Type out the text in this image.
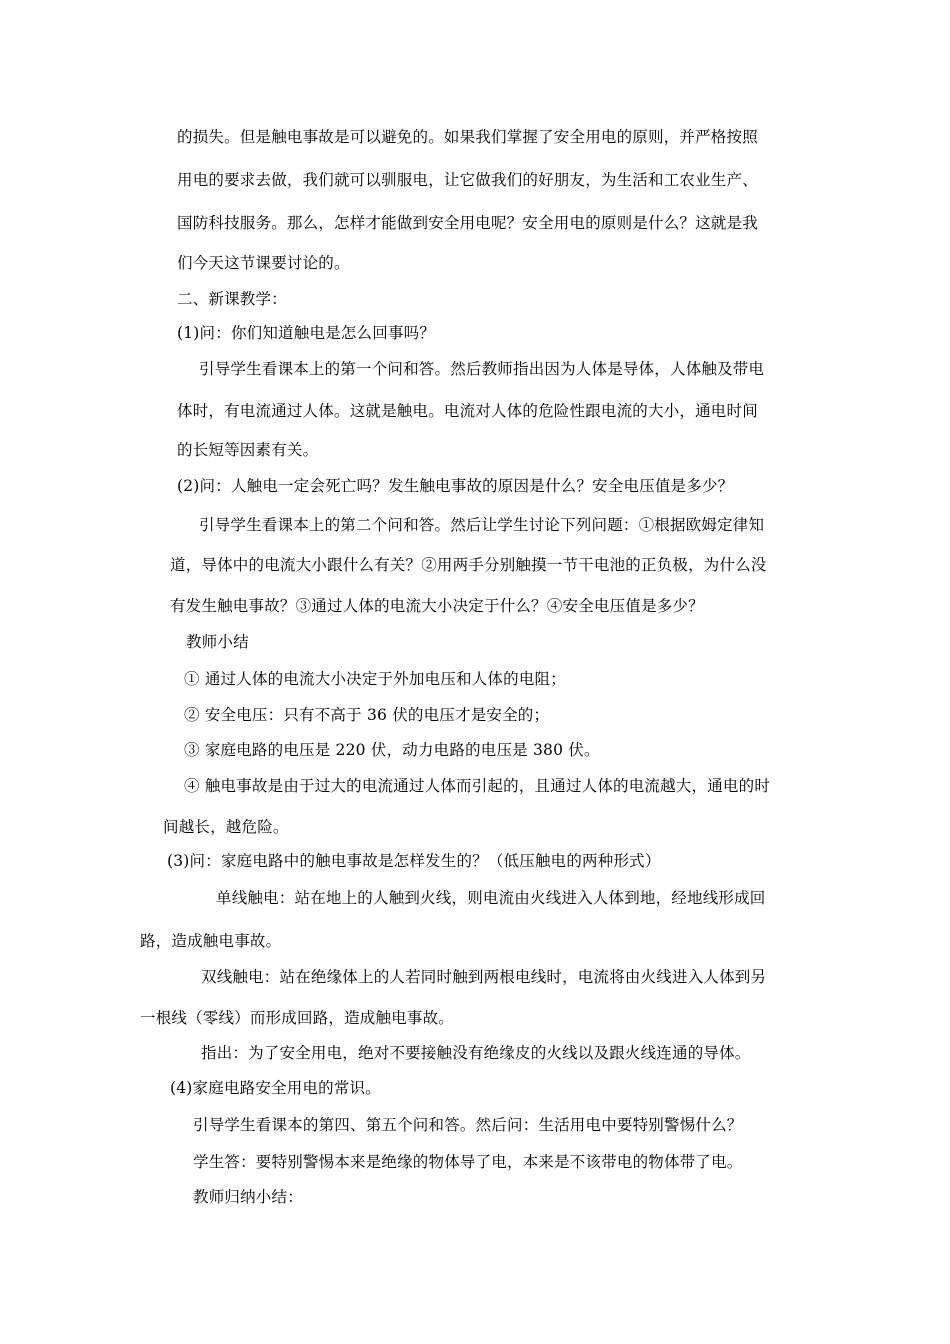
的损失。但是触电事故是可以避免的。如果我们掌握了安全用电的原则，并严格按照
用电的要求去做，我们就可以驯服电，让它做我们的好朋友，为生活和工农业生产、
国防科技服务。那么，怎样才能做到安全用电呢？安全用电的原则是什么？这就是我
们今天这节课要讨论的。
二、新课教学：
(1)问：你们知道触电是怎么回事吗？
引导学生看课本上的第一个问和答。然后教师指出因为人体是导体，人体触及带电
体时，有电流通过人体。这就是触电。电流对人体的危险性跟电流的大小，通电时间
的长短等因素有关。
(2)问：人触电一定会死亡吗？发生触电事故的原因是什么？安全电压值是多少？
引导学生看课本上的第二个问和答。然后让学生讨论下列问题：①根据欧姆定律知
道，导体中的电流大小跟什么有关？②用两手分别触摸一节干电池的正负极，为什么没
有发生触电事故？③通过人体的电流大小决定于什么？④安全电压值是多少？
教师小结
① 通过人体的电流大小决定于外加电压和人体的电阻；
② 安全电压：只有不高于 36 伏的电压才是安全的；
③ 家庭电路的电压是 220 伏，动力电路的电压是 380 伏。
④ 触电事故是由于过大的电流通过人体而引起的，且通过人体的电流越大，通电的时
间越长，越危险。
(3)问：家庭电路中的触电事故是怎样发生的？（低压触电的两种形式）
单线触电：站在地上的人触到火线，则电流由火线进入人体到地，经地线形成回
路，造成触电事故。
双线触电：站在绝缘体上的人若同时触到两根电线时，电流将由火线进入人体到另
一根线（零线）而形成回路，造成触电事故。
指出：为了安全用电，绝对不要接触没有绝缘皮的火线以及跟火线连通的导体。
(4)家庭电路安全用电的常识。
引导学生看课本的第四、第五个问和答。然后问：生活用电中要特别警惕什么？
学生答：要特别警惕本来是绝缘的物体导了电，本来是不该带电的物体带了电。
教师归纳小结：
